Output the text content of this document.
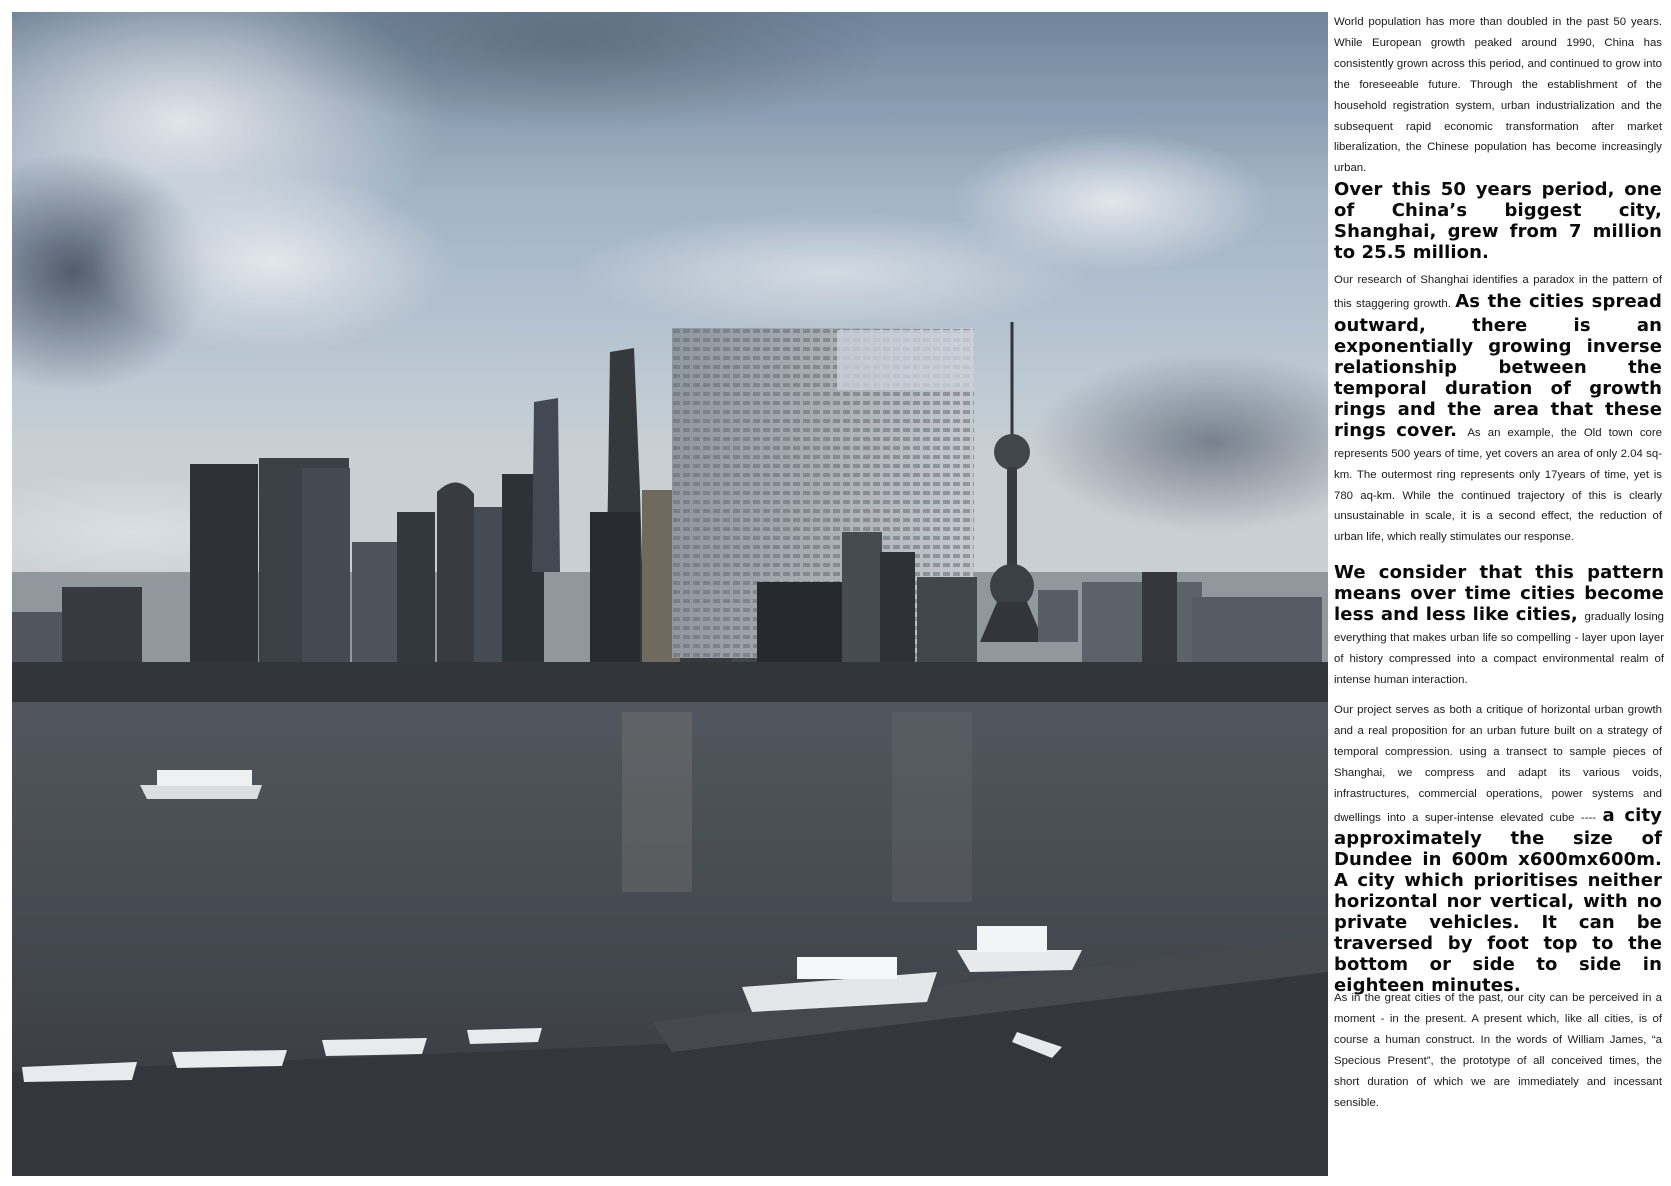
World population has more than doubled in the past 50 years. While European growth peaked around 1990, China has consistently grown across this period, and continued to grow into the foreseeable future. Through the establishment of the household registration system, urban industrialization and the subsequent rapid economic transformation after market liberalization, the Chinese population has become increasingly urban.
Over this 50 years period, one of China’s biggest city, Shanghai, grew from 7 million to 25.5 million.
Our research of Shanghai identifies a paradox in the pattern of this staggering growth. As the cities spread outward, there is an exponentially growing inverse relationship between the temporal duration of growth rings and the area that these rings cover. As an example, the Old town core represents 500 years of time, yet covers an area of only 2.04 sq-km. The outermost ring represents only 17years of time, yet is 780 aq-km. While the continued trajectory of this is clearly unsustainable in scale, it is a second effect, the reduction of urban life, which really stimulates our response.
We consider that this pattern means over time cities become less and less like cities, gradually losing everything that makes urban life so compelling - layer upon layer of history compressed into a compact environmental realm of intense human interaction.
Our project serves as both a critique of horizontal urban growth and a real proposition for an urban future built on a strategy of temporal compression. using a transect to sample pieces of Shanghai, we compress and adapt its various voids, infrastructures, commercial operations, power systems and dwellings into a super-intense elevated cube ---- a city approximately the size of Dundee in 600m x600mx600m. A city which prioritises neither horizontal nor vertical, with no private vehicles. It can be traversed by foot top to the bottom or side to side in eighteen minutes.
As in the great cities of the past, our city can be perceived in a moment - in the present. A present which, like all cities, is of course a human construct. In the words of William James, “a Specious Present”, the prototype of all conceived times, the short duration of which we are immediately and incessant sensible.
